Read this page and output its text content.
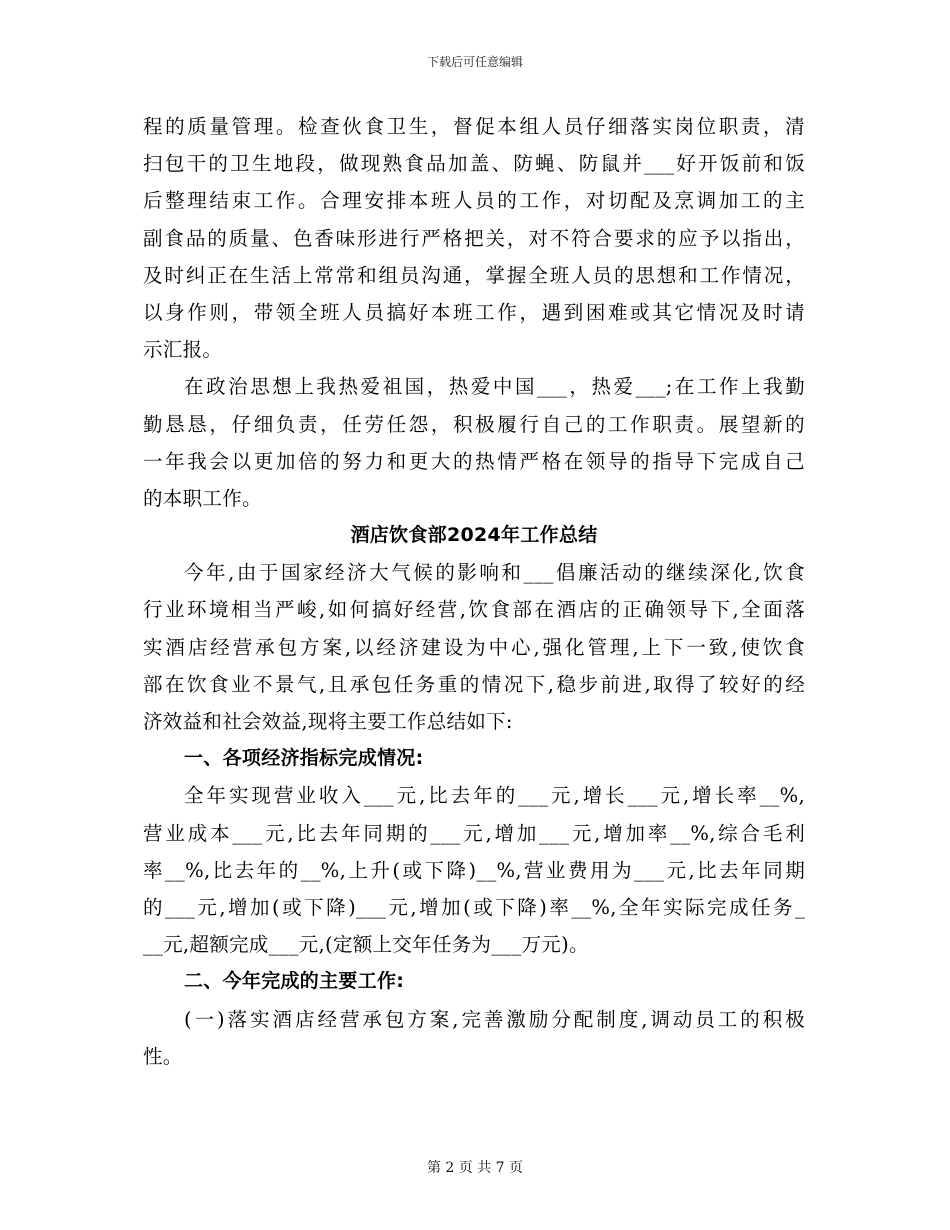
下载后可任意编辑
程的质量管理。检查伙食卫生，督促本组人员仔细落实岗位职责，清
扫包干的卫生地段，做现熟食品加盖、防蝇、防鼠并___好开饭前和饭
后整理结束工作。合理安排本班人员的工作，对切配及烹调加工的主
副食品的质量、色香味形进行严格把关，对不符合要求的应予以指出，
及时纠正在生活上常常和组员沟通，掌握全班人员的思想和工作情况，
以身作则，带领全班人员搞好本班工作，遇到困难或其它情况及时请
示汇报。
在政治思想上我热爱祖国，热爱中国___，热爱___;在工作上我勤
勤恳恳，仔细负责，任劳任怨，积极履行自己的工作职责。展望新的
一年我会以更加倍的努力和更大的热情严格在领导的指导下完成自己
的本职工作。
酒店饮食部2024年工作总结
今年,由于国家经济大气候的影响和___倡廉活动的继续深化,饮食
行业环境相当严峻,如何搞好经营,饮食部在酒店的正确领导下,全面落
实酒店经营承包方案,以经济建设为中心,强化管理,上下一致,使饮食
部在饮食业不景气,且承包任务重的情况下,稳步前进,取得了较好的经
济效益和社会效益,现将主要工作总结如下:
一、各项经济指标完成情况:
全年实现营业收入___元,比去年的___元,增长___元,增长率__%,
营业成本___元,比去年同期的___元,增加___元,增加率__%,综合毛利
率__%,比去年的__%,上升(或下降)__%,营业费用为___元,比去年同期
的___元,增加(或下降)___元,增加(或下降)率__%,全年实际完成任务_
__元,超额完成___元,(定额上交年任务为___万元)。
二、今年完成的主要工作:
(一)落实酒店经营承包方案,完善激励分配制度,调动员工的积极
性。
第 2 页 共 7 页
